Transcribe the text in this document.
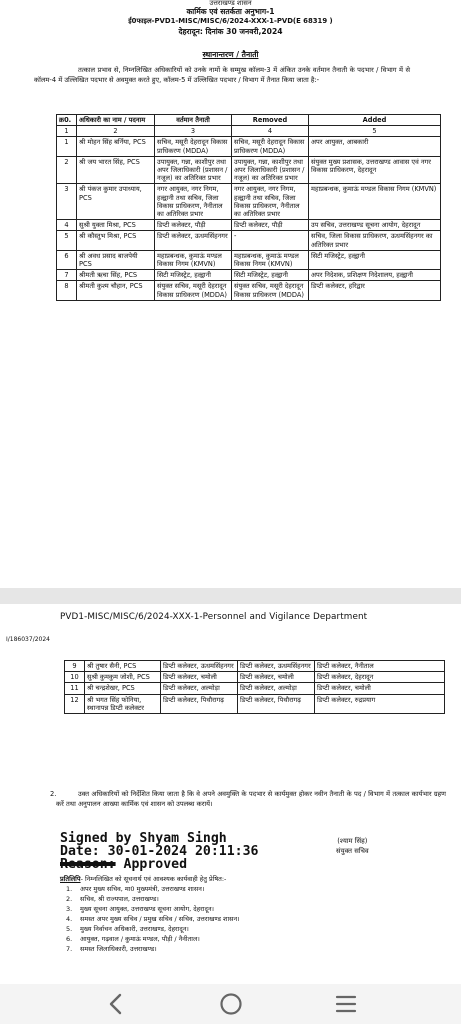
उत्तराखण्ड शासन
कार्मिक एवं सतर्कता अनुभाग-1
ई0फाइल-PVD1-MISC/MISC/6/2024-XXX-1-PVD(E 68319 )
देहरादून: दिनांक 30 जनवरी,2024
स्थानान्तरण / तैनाती
तत्काल प्रभाव से, निम्नलिखित अधिकारियों को उनके नामों के सम्मुख कॉलम-3 में अंकित उनके वर्तमान तैनाती के पदभार / विभाग में से कॉलम-4 में उल्लिखित पदभार से अवमुक्त करते हुए, कॉलम-5 में उल्लिखित पदभार / विभाग में तैनात किया जाता है:-
क्र0.	अधिकारी का नाम / पदनाम	वर्तमान तैनाती	Removed	Added
1	2	3	4	5
1	श्री मोहन सिंह बर्निया, PCS	सचिव, मसूरी देहरादून विकास प्राधिकरण (MDDA)	सचिव, मसूरी देहरादून विकास प्राधिकरण (MDDA)	अपर आयुक्त, आबकारी
2	श्री जय भारत सिंह, PCS	उपायुक्त, गन्ना, काशीपुर तथा अपर जिलाधिकारी (प्रशासन / नजूल) का अतिरिक्त प्रभार	उपायुक्त, गन्ना, काशीपुर तथा अपर जिलाधिकारी (प्रशासन / नजूल) का अतिरिक्त प्रभार	संयुक्त मुख्य प्रशासक, उत्तराखण्ड आवास एवं नगर विकास प्राधिकरण, देहरादून
3	श्री पंकज कुमार उपाध्याय, PCS	नगर आयुक्त, नगर निगम, हल्द्वानी तथा सचिव, जिला विकास प्राधिकरण, नैनीताल का अतिरिक्त प्रभार	नगर आयुक्त, नगर निगम, हल्द्वानी तथा सचिव, जिला विकास प्राधिकरण, नैनीताल का अतिरिक्त प्रभार	महाप्रबन्धक, कुमाऊं मण्डल विकास निगम (KMVN)
4	सुश्री युक्ता मिश्रा, PCS	डिप्टी कलेक्टर, पौड़ी	डिप्टी कलेक्टर, पौड़ी	उप सचिव, उत्तराखण्ड सूचना आयोग, देहरादून
5	श्री कौस्तुभ मिश्रा, PCS	डिप्टी कलेक्टर, ऊधमसिंहनगर	-	सचिव, जिला विकास प्राधिकरण, ऊधमसिंहनगर का अतिरिक्त प्रभार
6	श्री अवध प्रसाद बाजपेयी PCS	महाप्रबन्धक, कुमाऊं मण्डल विकास निगम (KMVN)	महाप्रबन्धक, कुमाऊं मण्डल विकास निगम (KMVN)	सिटी मजिस्ट्रेट, हल्द्वानी
7	श्रीमती ऋचा सिंह, PCS	सिटी मजिस्ट्रेट, हल्द्वानी	सिटी मजिस्ट्रेट, हल्द्वानी	अपर निदेशक, प्रशिक्षण निदेशालय, हल्द्वानी
8	श्रीमती कुश्म चौहान, PCS	संयुक्त सचिव, मसूरी देहरादून विकास प्राधिकरण (MDDA)	संयुक्त सचिव, मसूरी देहरादून विकास प्राधिकरण (MDDA)	डिप्टी कलेक्टर, हरिद्वार
PVD1-MISC/MISC/6/2024-XXX-1-Personnel and Vigilance Department
I/186037/2024
9	श्री तुषार सैनी, PCS	डिप्टी कलेक्टर, ऊधमसिंहनगर	डिप्टी कलेक्टर, ऊधमसिंहनगर	डिप्टी कलेक्टर, नैनीताल
10	सुश्री कुमकुम जोशी, PCS	डिप्टी कलेक्टर, चमोली	डिप्टी कलेक्टर, चमोली	डिप्टी कलेक्टर, देहरादून
11	श्री चन्द्रशेखर, PCS	डिप्टी कलेक्टर, अल्मोड़ा	डिप्टी कलेक्टर, अल्मोड़ा	डिप्टी कलेक्टर, चमोली
12	श्री भगत सिंह फोनिया, स्थानापन्न डिप्टी कलेक्टर	डिप्टी कलेक्टर, पिथौरागढ़	डिप्टी कलेक्टर, पिथौरागढ़	डिप्टी कलेक्टर, रुद्रप्रयाग
2.	उक्त अधिकारियों को निर्देशित किया जाता है कि वे अपने अवमुक्ति के पदभार से कार्यमुक्त होकर नवीन तैनाती के पद / विभाग में तत्काल कार्यभार ग्रहण करें तथा अनुपालन आख्या कार्मिक एवं शासन को उपलब्ध करायें।
Signed by Shyam Singh
Date: 30-01-2024 20:11:36
Reason: Approved
(श्याम सिंह)
संयुक्त सचिव
प्रतिलिपि- निम्नलिखित को सूचनार्थ एवं आवश्यक कार्यवाही हेतु प्रेषित:-
1. अपर मुख्य सचिव, मा0 मुख्यमंत्री, उत्तराखण्ड शासन।
2. सचिव, श्री राज्यपाल, उत्तराखण्ड।
3. मुख्य सूचना आयुक्त, उत्तराखण्ड सूचना आयोग, देहरादून।
4. समस्त अपर मुख्य सचिव / प्रमुख सचिव / सचिव, उत्तराखण्ड शासन।
5. मुख्य निर्वाचन अधिकारी, उत्तराखण्ड, देहरादून।
6. आयुक्त, गढ़वाल / कुमाऊं मण्डल, पौड़ी / नैनीताल।
7. समस्त जिलाधिकारी, उत्तराखण्ड।
